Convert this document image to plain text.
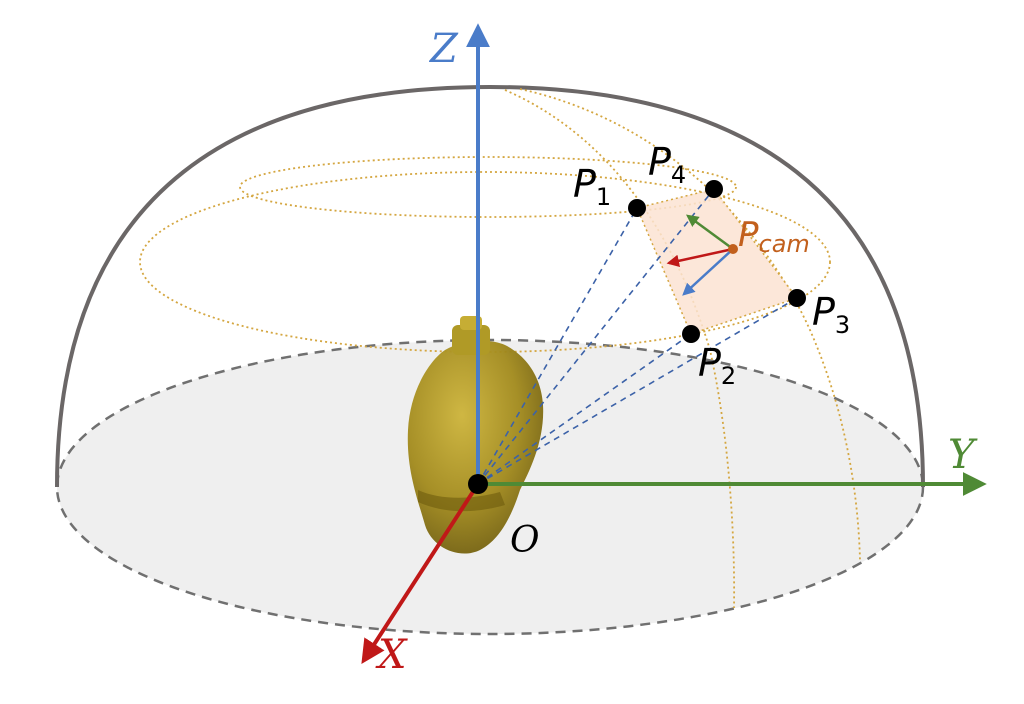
Z
Y
X
O
$P_1$
$P_4$
$P_3$
$P_2$
Pcam
